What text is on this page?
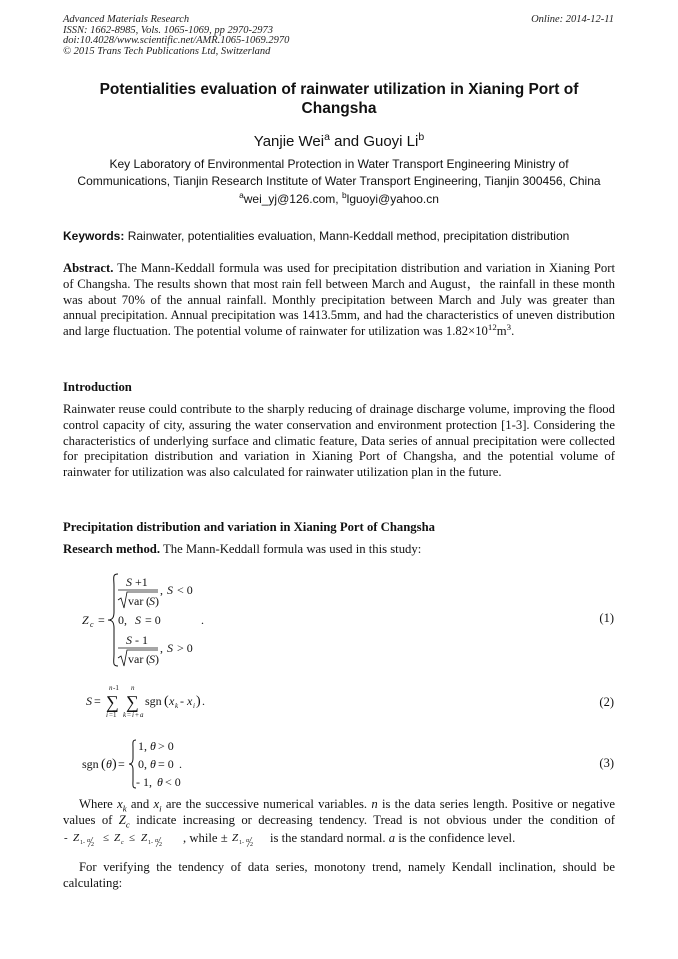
Advanced Materials Research
ISSN: 1662-8985, Vols. 1065-1069, pp 2970-2973
doi:10.4028/www.scientific.net/AMR.1065-1069.2970
© 2015 Trans Tech Publications Ltd, Switzerland
Online: 2014-12-11
Potentialities evaluation of rainwater utilization in Xianing Port of Changsha
Yanjie Wei$^a$ and Guoyi Li$^b$
Key Laboratory of Environmental Protection in Water Transport Engineering Ministry of Communications, Tianjin Research Institute of Water Transport Engineering, Tianjin 300456, China
$^a$wei_yj@126.com, $^b$lguoyi@yahoo.cn
Keywords: Rainwater, potentialities evaluation, Mann-Keddall method, precipitation distribution
Abstract. The Mann-Keddall formula was used for precipitation distribution and variation in Xianing Port of Changsha. The results shown that most rain fell between March and August，the rainfall in these month was about 70% of the annual rainfall. Monthly precipitation between March and July was greater than annual precipitation. Annual precipitation was 1413.5mm, and had the characteristics of uneven distribution and large fluctuation. The potential volume of rainwater for utilization was $1.82\times 10^{12}m^3$.
Introduction
Rainwater reuse could contribute to the sharply reducing of drainage discharge volume, improving the flood control capacity of city, assuring the water conservation and environment protection [1-3]. Considering the characteristics of underlying surface and climatic feature, Data series of annual precipitation were collected for precipitation distribution and variation in Xianing Port of Changsha, and the potential volume of rainwater for utilization was also calculated for rainwater utilization plan in the future.
Precipitation distribution and variation in Xianing Port of Changsha
Research method. The Mann-Keddall formula was used in this study:
Z c =
S +1
var ( S )
, S < 0
0, S = 0
S - 1
var ( S )
, S > 0
.	(1)
S = ∑
n -1
i =1
∑
n
k = i + a
sgn ( x k - x i ) .	(2)
sgn ( θ ) =
1, θ > 0
0, θ = 0 .
- 1, θ < 0
(3)
Where $x_k$ and $x_i$ are the successive numerical variables. n is the data series length. Positive or negative values of $Z_c$ indicate increasing or decreasing tendency. Tread is not obvious under the condition of
- Z 1- α
2
≤ Z c ≤ Z 1- α
2 , while ± Z 1- α
2 is the standard normal. a is the confidence level.
For verifying the tendency of data series, monotony trend, namely Kendall inclination, should be calculating:
